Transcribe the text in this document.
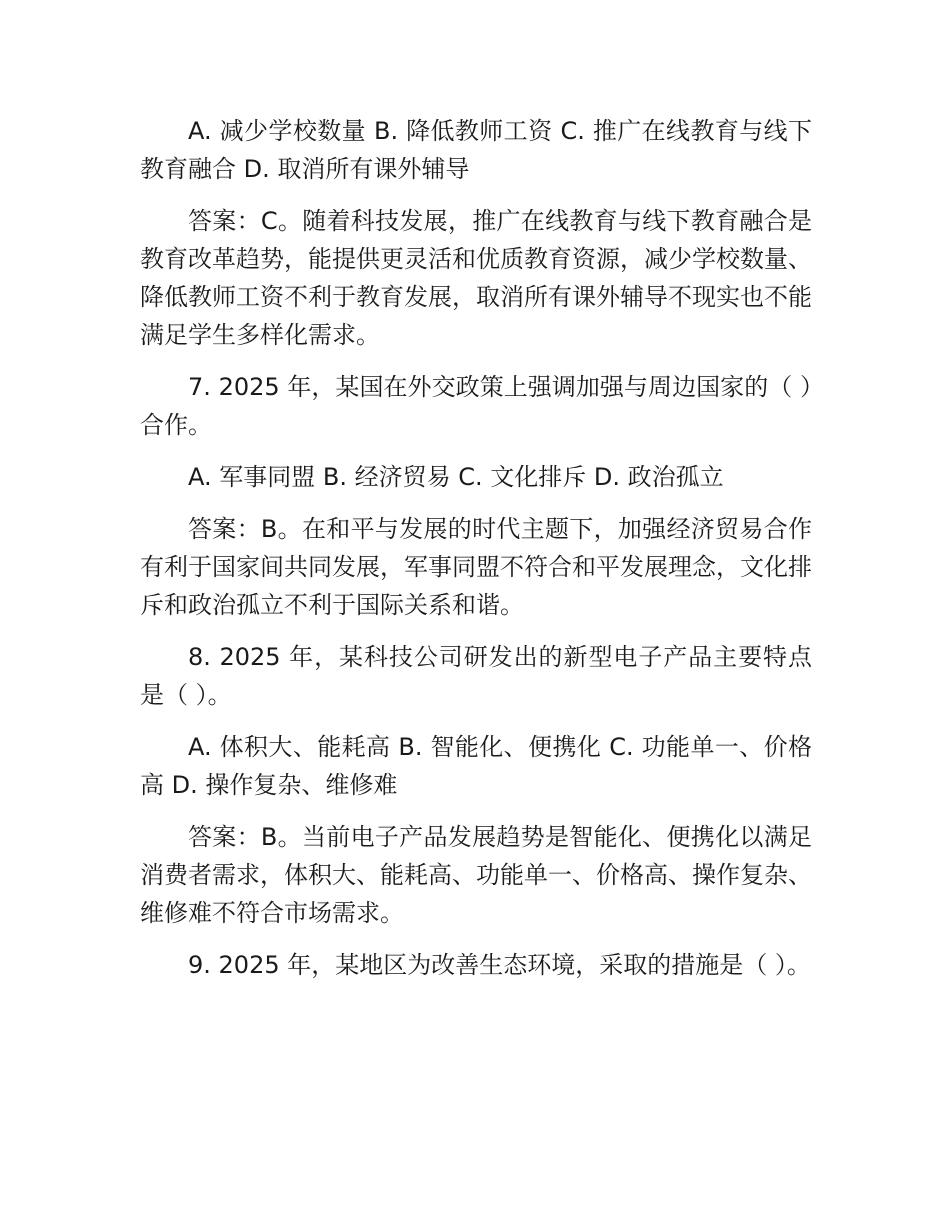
A. 减少学校数量 B. 降低教师工资 C. 推广在线教育与线下教育融合 D. 取消所有课外辅导

答案：C。随着科技发展，推广在线教育与线下教育融合是教育改革趋势，能提供更灵活和优质教育资源，减少学校数量、降低教师工资不利于教育发展，取消所有课外辅导不现实也不能满足学生多样化需求。

7. 2025 年，某国在外交政策上强调加强与周边国家的（ ）合作。

A. 军事同盟 B. 经济贸易 C. 文化排斥 D. 政治孤立

答案：B。在和平与发展的时代主题下，加强经济贸易合作有利于国家间共同发展，军事同盟不符合和平发展理念，文化排斥和政治孤立不利于国际关系和谐。

8. 2025 年，某科技公司研发出的新型电子产品主要特点是（ ）。

A. 体积大、能耗高 B. 智能化、便携化 C. 功能单一、价格高 D. 操作复杂、维修难

答案：B。当前电子产品发展趋势是智能化、便携化以满足消费者需求，体积大、能耗高、功能单一、价格高、操作复杂、维修难不符合市场需求。

9. 2025 年，某地区为改善生态环境，采取的措施是（ ）。
